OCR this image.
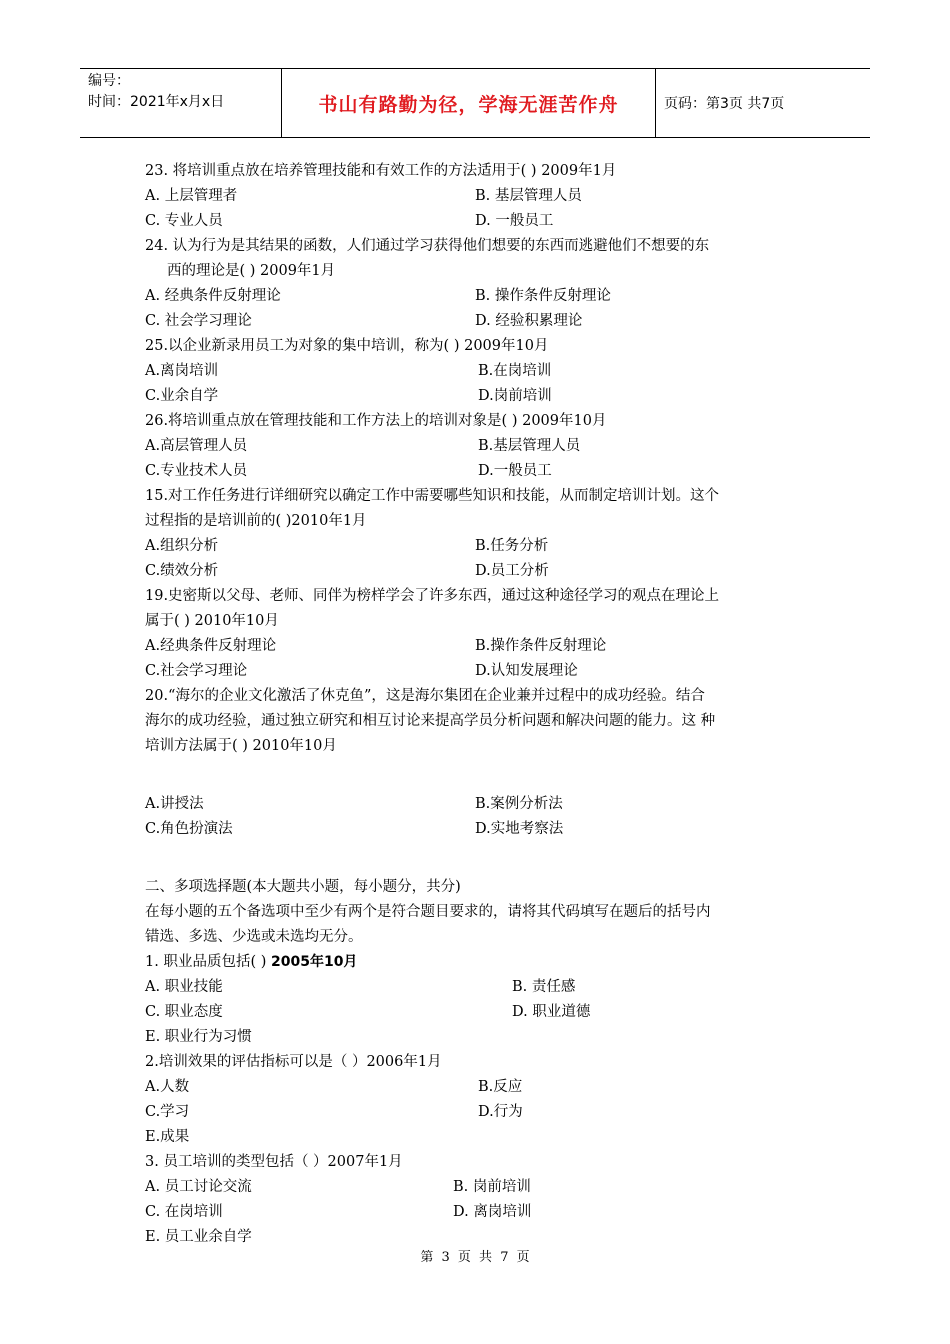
编号：
时间：2021年x月x日	书山有路勤为径，学海无涯苦作舟	页码：第3页 共7页
23. 将培训重点放在培养管理技能和有效工作的方法适用于( ) 2009年1月
A. 上层管理者	B. 基层管理人员
C. 专业人员	D. 一般员工
24. 认为行为是其结果的函数，人们通过学习获得他们想要的东西而逃避他们不想要的东
西的理论是( ) 2009年1月
A. 经典条件反射理论	B. 操作条件反射理论
C. 社会学习理论	D. 经验积累理论
25.以企业新录用员工为对象的集中培训，称为( ) 2009年10月
A.离岗培训	B.在岗培训
C.业余自学	D.岗前培训
26.将培训重点放在管理技能和工作方法上的培训对象是( ) 2009年10月
A.高层管理人员	B.基层管理人员
C.专业技术人员	D.一般员工
15.对工作任务进行详细研究以确定工作中需要哪些知识和技能，从而制定培训计划。这个
过程指的是培训前的( )2010年1月
A.组织分析	B.任务分析
C.绩效分析	D.员工分析
19.史密斯以父母、老师、同伴为榜样学会了许多东西，通过这种途径学习的观点在理论上
属于( ) 2010年10月
A.经典条件反射理论	B.操作条件反射理论
C.社会学习理论	D.认知发展理论
20.“海尔的企业文化激活了休克鱼”，这是海尔集团在企业兼并过程中的成功经验。结合
海尔的成功经验，通过独立研究和相互讨论来提高学员分析问题和解决问题的能力。这 种
培训方法属于( ) 2010年10月
A.讲授法	B.案例分析法
C.角色扮演法	D.实地考察法
二、多项选择题(本大题共小题，每小题分，共分)
在每小题的五个备选项中至少有两个是符合题目要求的，请将其代码填写在题后的括号内
错选、多选、少选或未选均无分。
1. 职业品质包括( ) 2005年10月
A. 职业技能	B. 责任感
C. 职业态度	D. 职业道德
E. 职业行为习惯
2.培训效果的评估指标可以是（ ）2006年1月
A.人数	B.反应
C.学习	D.行为
E.成果
3. 员工培训的类型包括（ ）2007年1月
A. 员工讨论交流	B. 岗前培训
C. 在岗培训	D. 离岗培训
E. 员工业余自学
第 3 页 共 7 页
